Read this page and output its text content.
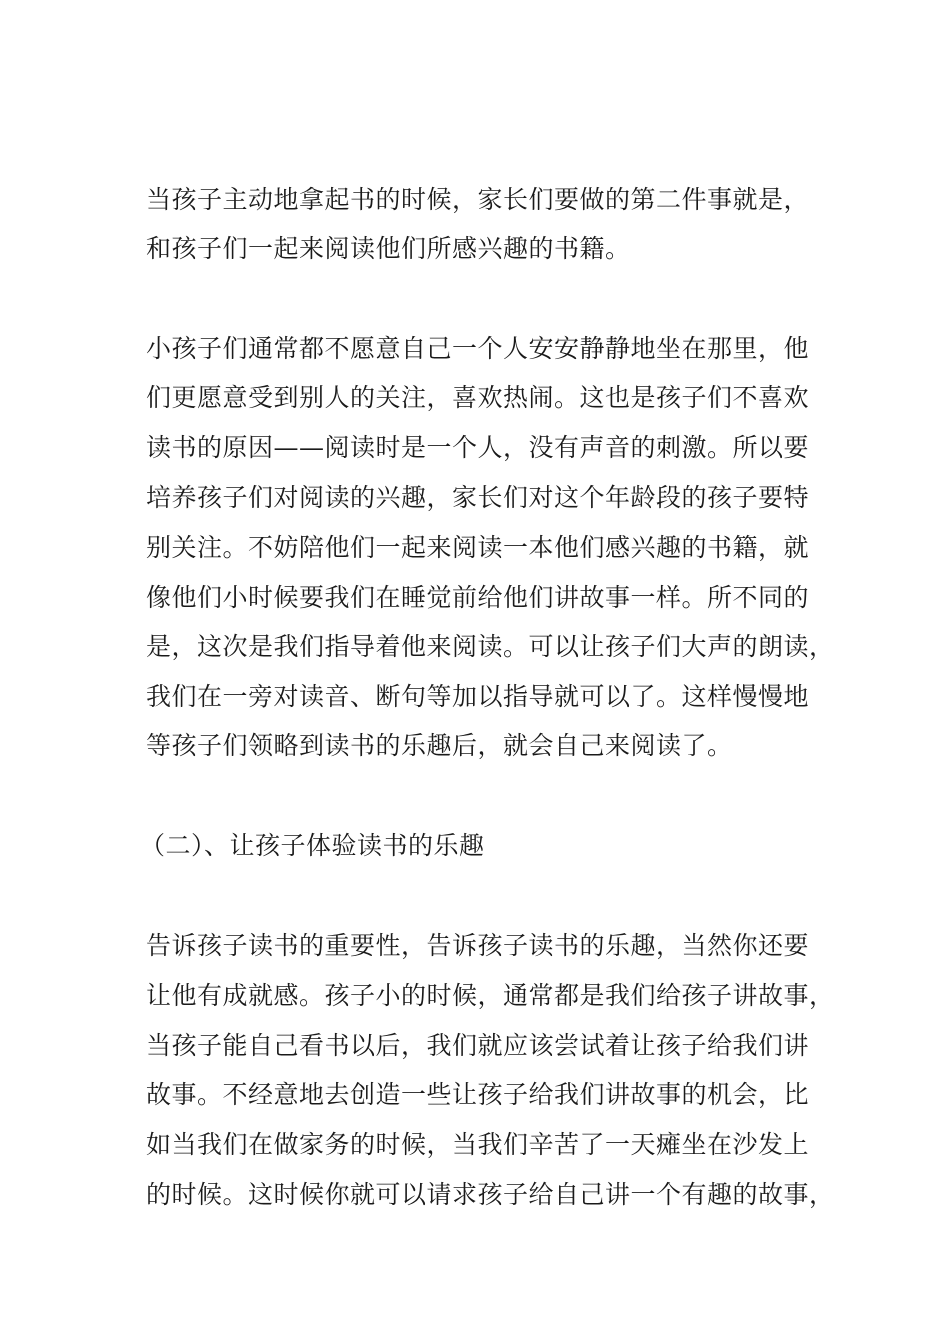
当孩子主动地拿起书的时候，家长们要做的第二件事就是，
和孩子们一起来阅读他们所感兴趣的书籍。
小孩子们通常都不愿意自己一个人安安静静地坐在那里，他
们更愿意受到别人的关注，喜欢热闹。这也是孩子们不喜欢
读书的原因——阅读时是一个人，没有声音的刺激。所以要
培养孩子们对阅读的兴趣，家长们对这个年龄段的孩子要特
别关注。不妨陪他们一起来阅读一本他们感兴趣的书籍，就
像他们小时候要我们在睡觉前给他们讲故事一样。所不同的
是，这次是我们指导着他来阅读。可以让孩子们大声的朗读，
我们在一旁对读音、断句等加以指导就可以了。这样慢慢地
等孩子们领略到读书的乐趣后，就会自己来阅读了。
（二）、让孩子体验读书的乐趣
告诉孩子读书的重要性，告诉孩子读书的乐趣，当然你还要
让他有成就感。孩子小的时候，通常都是我们给孩子讲故事，
当孩子能自己看书以后，我们就应该尝试着让孩子给我们讲
故事。不经意地去创造一些让孩子给我们讲故事的机会，比
如当我们在做家务的时候，当我们辛苦了一天瘫坐在沙发上
的时候。这时候你就可以请求孩子给自己讲一个有趣的故事，
